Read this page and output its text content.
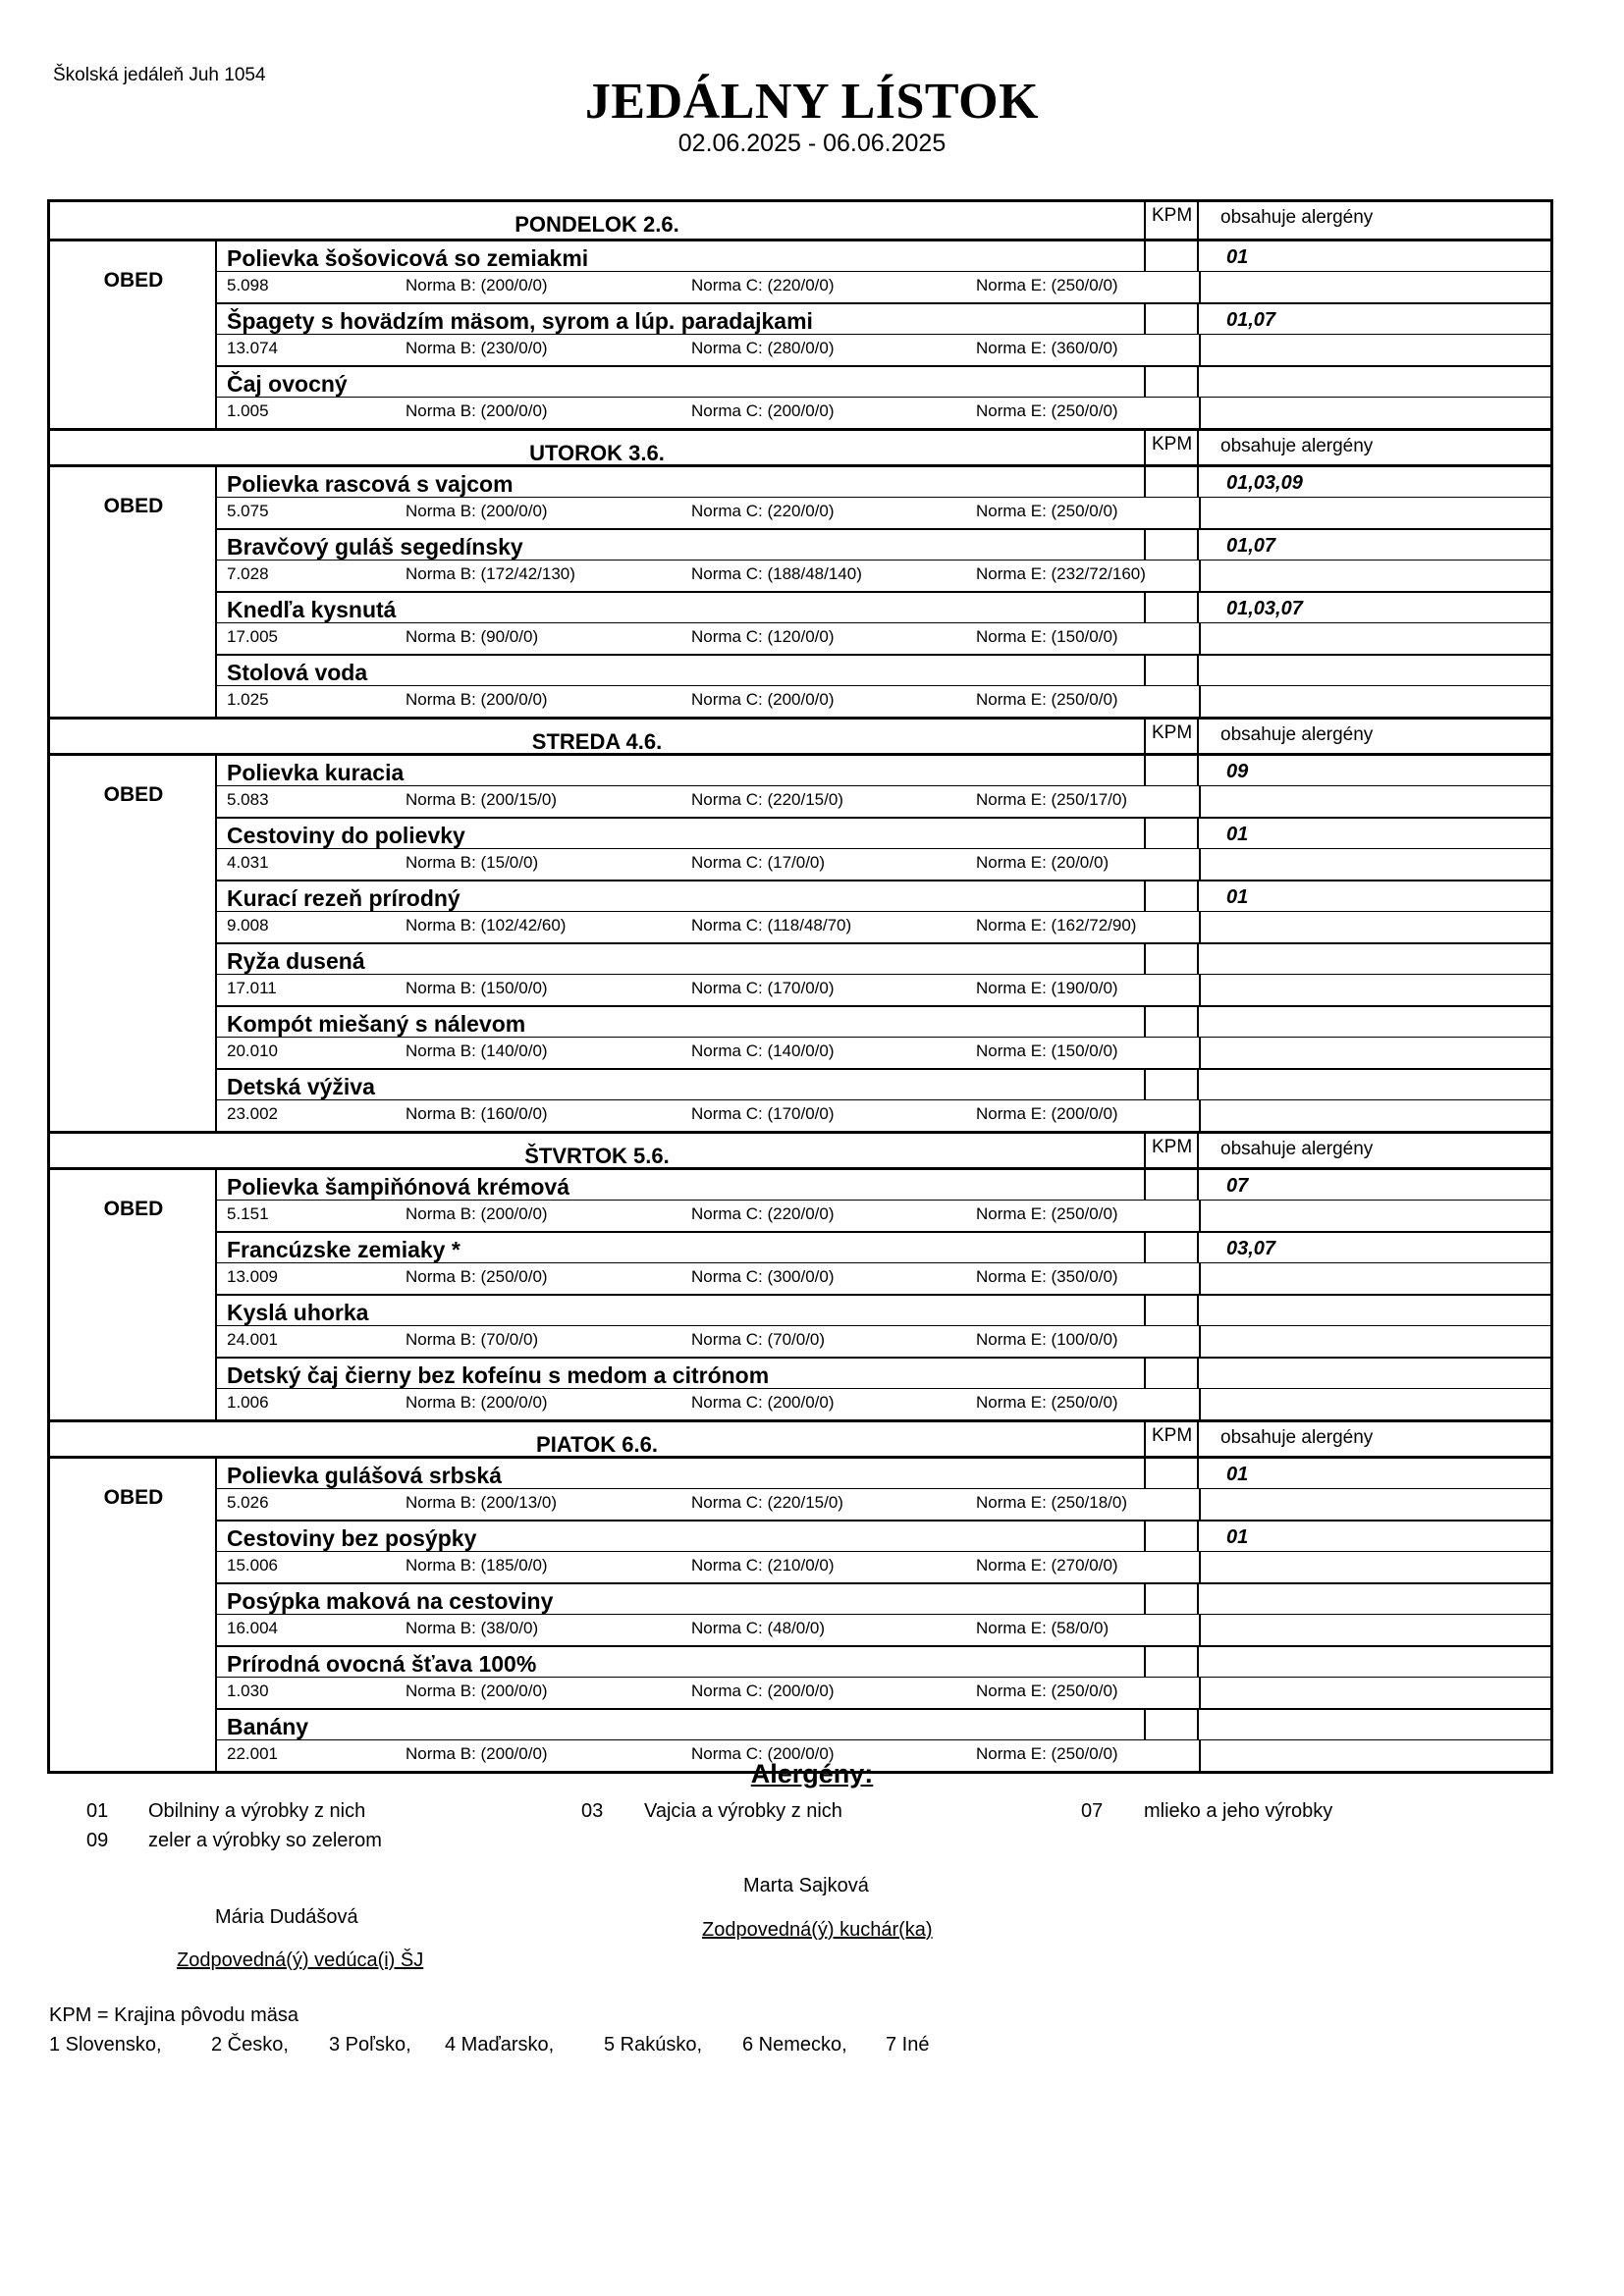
Školská jedáleň Juh 1054	JEDÁLNY LÍSTOK
02.06.2025 - 06.06.2025
PONDELOK 2.6.	KPM	obsahuje alergény
OBED
Polievka šošovicová so zemiakmi	01
5.098	Norma B: (200/0/0)	Norma C: (220/0/0)	Norma E: (250/0/0)
Špagety s hovädzím mäsom, syrom a lúp. paradajkami	01,07
13.074	Norma B: (230/0/0)	Norma C: (280/0/0)	Norma E: (360/0/0)
Čaj ovocný
1.005	Norma B: (200/0/0)	Norma C: (200/0/0)	Norma E: (250/0/0)
UTOROK 3.6.	KPM	obsahuje alergény
OBED
Polievka rascová s vajcom	01,03,09
5.075	Norma B: (200/0/0)	Norma C: (220/0/0)	Norma E: (250/0/0)
Bravčový guláš segedínsky	01,07
7.028	Norma B: (172/42/130)	Norma C: (188/48/140)	Norma E: (232/72/160)
Knedľa kysnutá	01,03,07
17.005	Norma B: (90/0/0)	Norma C: (120/0/0)	Norma E: (150/0/0)
Stolová voda
1.025	Norma B: (200/0/0)	Norma C: (200/0/0)	Norma E: (250/0/0)
STREDA 4.6.	KPM	obsahuje alergény
OBED
Polievka kuracia	09
5.083	Norma B: (200/15/0)	Norma C: (220/15/0)	Norma E: (250/17/0)
Cestoviny do polievky	01
4.031	Norma B: (15/0/0)	Norma C: (17/0/0)	Norma E: (20/0/0)
Kurací rezeň prírodný	01
9.008	Norma B: (102/42/60)	Norma C: (118/48/70)	Norma E: (162/72/90)
Ryža dusená
17.011	Norma B: (150/0/0)	Norma C: (170/0/0)	Norma E: (190/0/0)
Kompót miešaný s nálevom
20.010	Norma B: (140/0/0)	Norma C: (140/0/0)	Norma E: (150/0/0)
Detská výživa
23.002	Norma B: (160/0/0)	Norma C: (170/0/0)	Norma E: (200/0/0)
ŠTVRTOK 5.6.	KPM	obsahuje alergény
OBED
Polievka šampiňónová krémová	07
5.151	Norma B: (200/0/0)	Norma C: (220/0/0)	Norma E: (250/0/0)
Francúzske zemiaky *	03,07
13.009	Norma B: (250/0/0)	Norma C: (300/0/0)	Norma E: (350/0/0)
Kyslá uhorka
24.001	Norma B: (70/0/0)	Norma C: (70/0/0)	Norma E: (100/0/0)
Detský čaj čierny bez kofeínu s medom a citrónom
1.006	Norma B: (200/0/0)	Norma C: (200/0/0)	Norma E: (250/0/0)
PIATOK 6.6.	KPM	obsahuje alergény
OBED
Polievka gulášová srbská	01
5.026	Norma B: (200/13/0)	Norma C: (220/15/0)	Norma E: (250/18/0)
Cestoviny bez posýpky	01
15.006	Norma B: (185/0/0)	Norma C: (210/0/0)	Norma E: (270/0/0)
Posýpka maková na cestoviny
16.004	Norma B: (38/0/0)	Norma C: (48/0/0)	Norma E: (58/0/0)
Prírodná ovocná šťava 100%
1.030	Norma B: (200/0/0)	Norma C: (200/0/0)	Norma E: (250/0/0)
Banány
22.001	Norma B: (200/0/0)	Norma C: (200/0/0)	Norma E: (250/0/0)
Alergény:
01 Obilniny a výrobky z nich	03 Vajcia a výrobky z nich	07 mlieko a jeho výrobky
09 zeler a výrobky so zelerom
Marta Sajková
Mária Dudášová
Zodpovedná(ý) kuchár(ka)
Zodpovedná(ý) vedúca(i) ŠJ
KPM = Krajina pôvodu mäsa
1 Slovensko,	2 Česko, 3 Poľsko, 4 Maďarsko,	5 Rakúsko, 6 Nemecko, 7 Iné
